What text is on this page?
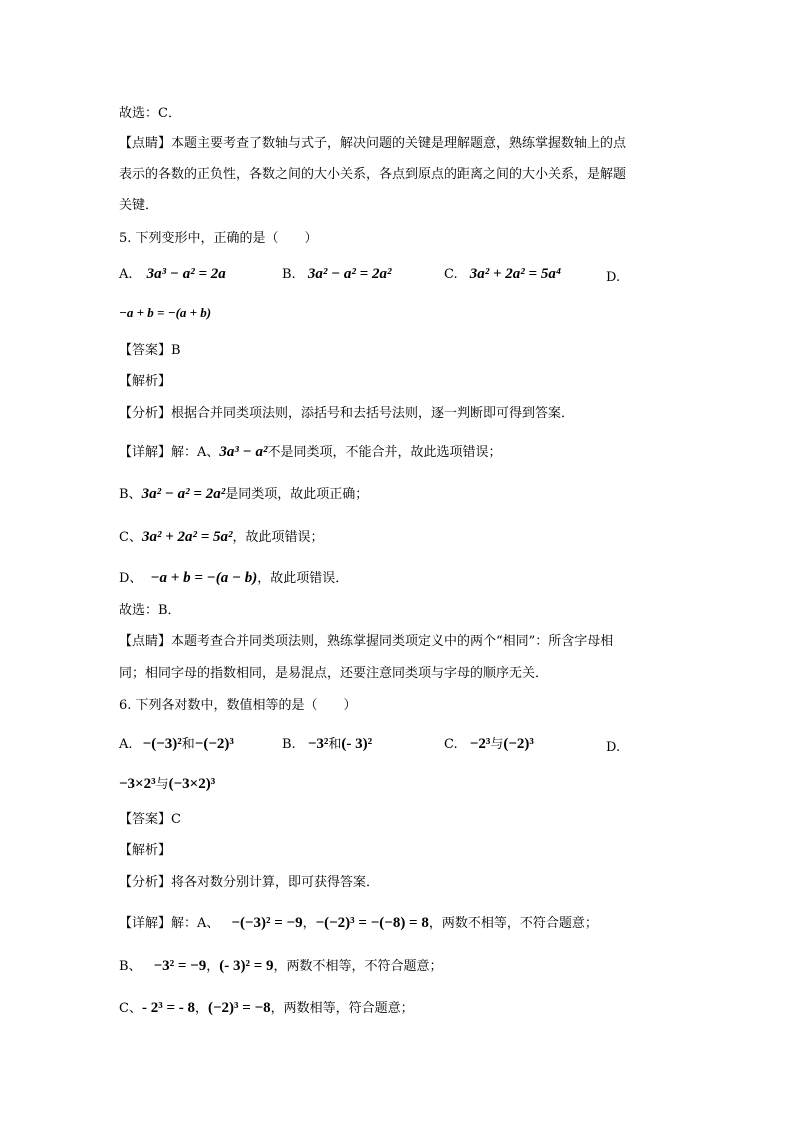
故选：C．
【点睛】本题主要考查了数轴与式子，解决问题的关键是理解题意，熟练掌握数轴上的点
表示的各数的正负性，各数之间的大小关系，各点到原点的距离之间的大小关系，是解题
关键．
5. 下列变形中，正确的是（　　）
A. 3a³ − a² = 2a	B. 3a² − a² = 2a²	C. 3a² + 2a² = 5a⁴	D.
−a + b = −(a + b)
【答案】B
【解析】
【分析】根据合并同类项法则，添括号和去括号法则，逐一判断即可得到答案．
【详解】解：A、3a³ − a²不是同类项，不能合并，故此选项错误；
B、3a² − a² = 2a²是同类项，故此项正确；
C、3a² + 2a² = 5a²，故此项错误；
D、 −a + b = −(a − b)，故此项错误．
故选：B．
【点睛】本题考查合并同类项法则，熟练掌握同类项定义中的两个“相同”：所含字母相
同；相同字母的指数相同，是易混点，还要注意同类项与字母的顺序无关．
6. 下列各对数中，数值相等的是（　　）
A. −(−3)²和−(−2)³	B. −3²和(- 3)²	C. −2³与(−2)³	D.
−3×2³与(−3×2)³
【答案】C
【解析】
【分析】将各对数分别计算，即可获得答案．
【详解】解：A、 −(−3)² = −9，−(−2)³ = −(−8) = 8，两数不相等，不符合题意；
B、 −3² = −9，(- 3)² = 9，两数不相等，不符合题意；
C、- 2³ = - 8，(−2)³ = −8，两数相等，符合题意；
